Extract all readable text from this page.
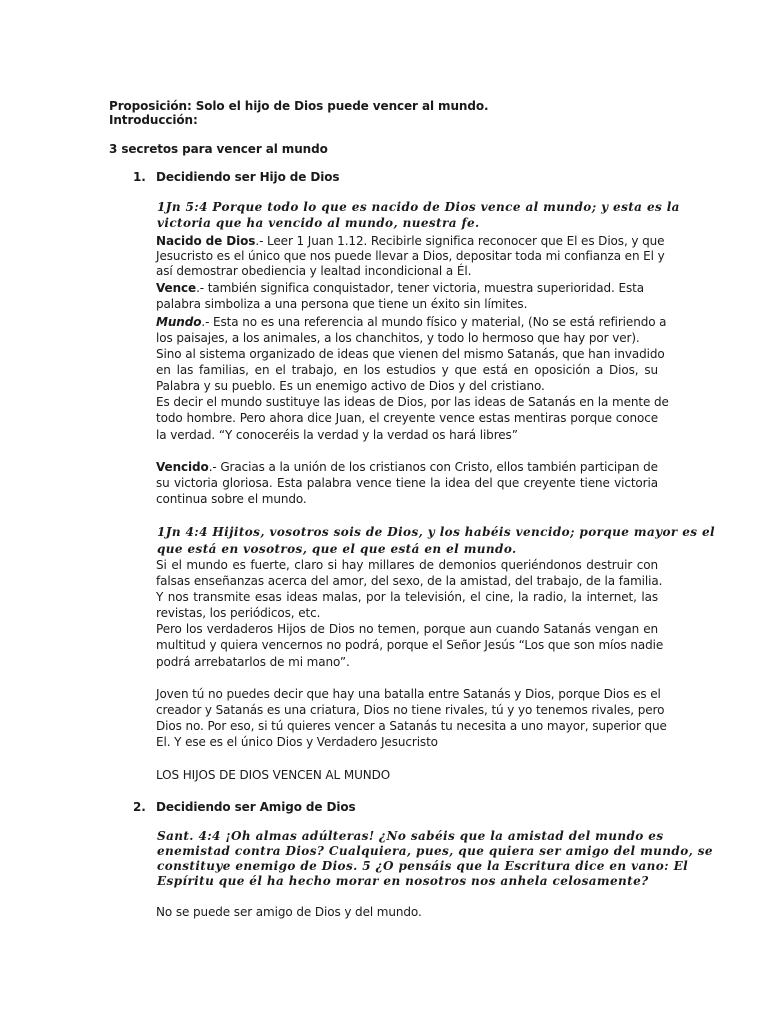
Proposición: Solo el hijo de Dios puede vencer al mundo.
Introducción:
3 secretos para vencer al mundo
1. Decidiendo ser Hijo de Dios
1Jn 5:4 Porque todo lo que es nacido de Dios vence al mundo; y esta es la
victoria que ha vencido al mundo, nuestra fe.
Nacido de Dios.- Leer 1 Juan 1.12. Recibirle significa reconocer que El es Dios, y que
Jesucristo es el único que nos puede llevar a Dios, depositar toda mi confianza en El y
así demostrar obediencia y lealtad incondicional a Él.
Vence.- también significa conquistador, tener victoria, muestra superioridad. Esta
palabra simboliza a una persona que tiene un éxito sin límites.
Mundo.- Esta no es una referencia al mundo físico y material, (No se está refiriendo a
los paisajes, a los animales, a los chanchitos, y todo lo hermoso que hay por ver).
Sino al sistema organizado de ideas que vienen del mismo Satanás, que han invadido
en las familias, en el trabajo, en los estudios y que está en oposición a Dios, su
Palabra y su pueblo. Es un enemigo activo de Dios y del cristiano.
Es decir el mundo sustituye las ideas de Dios, por las ideas de Satanás en la mente de
todo hombre. Pero ahora dice Juan, el creyente vence estas mentiras porque conoce
la verdad. “Y conoceréis la verdad y la verdad os hará libres”
Vencido.- Gracias a la unión de los cristianos con Cristo, ellos también participan de
su victoria gloriosa. Esta palabra vence tiene la idea del que creyente tiene victoria
continua sobre el mundo.
1Jn 4:4 Hijitos, vosotros sois de Dios, y los habéis vencido; porque mayor es el
que está en vosotros, que el que está en el mundo.
Si el mundo es fuerte, claro si hay millares de demonios queriéndonos destruir con
falsas enseñanzas acerca del amor, del sexo, de la amistad, del trabajo, de la familia.
Y nos transmite esas ideas malas, por la televisión, el cine, la radio, la internet, las
revistas, los periódicos, etc.
Pero los verdaderos Hijos de Dios no temen, porque aun cuando Satanás vengan en
multitud y quiera vencernos no podrá, porque el Señor Jesús “Los que son míos nadie
podrá arrebatarlos de mi mano”.
Joven tú no puedes decir que hay una batalla entre Satanás y Dios, porque Dios es el
creador y Satanás es una criatura, Dios no tiene rivales, tú y yo tenemos rivales, pero
Dios no. Por eso, si tú quieres vencer a Satanás tu necesita a uno mayor, superior que
El. Y ese es el único Dios y Verdadero Jesucristo
LOS HIJOS DE DIOS VENCEN AL MUNDO
2. Decidiendo ser Amigo de Dios
Sant. 4:4 ¡Oh almas adúlteras! ¿No sabéis que la amistad del mundo es
enemistad contra Dios? Cualquiera, pues, que quiera ser amigo del mundo, se
constituye enemigo de Dios. 5 ¿O pensáis que la Escritura dice en vano: El
Espíritu que él ha hecho morar en nosotros nos anhela celosamente?
No se puede ser amigo de Dios y del mundo.
